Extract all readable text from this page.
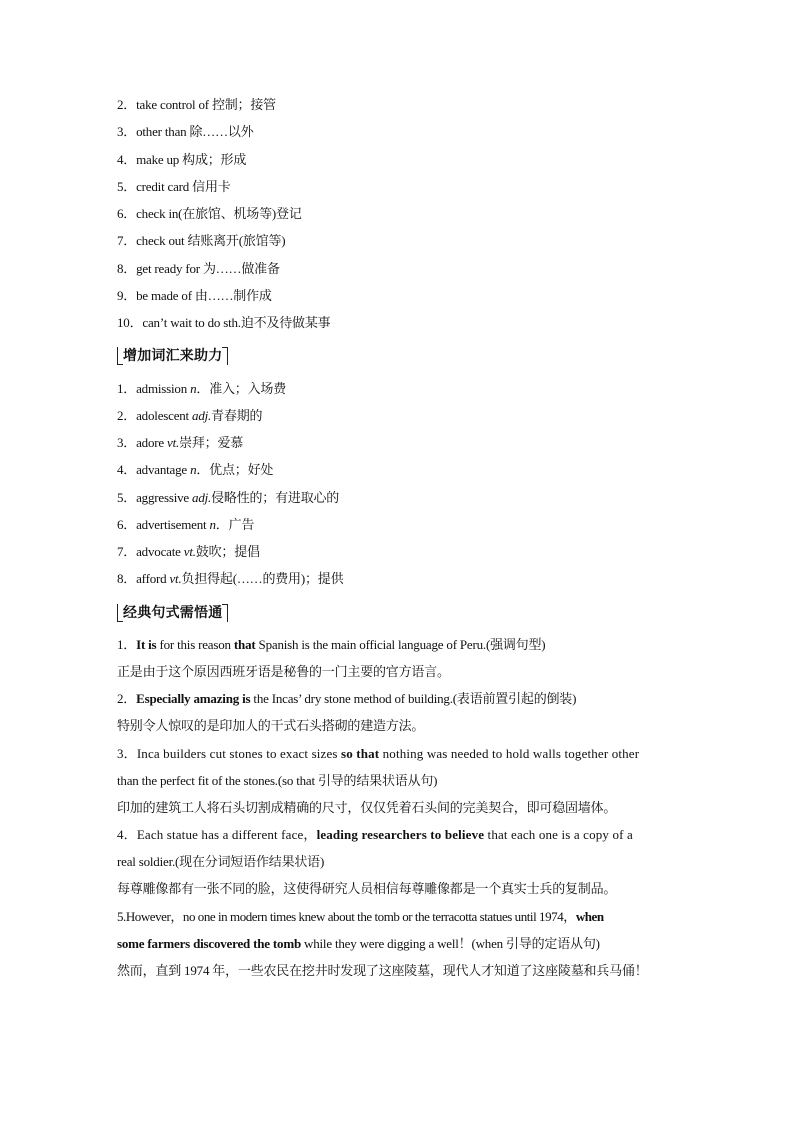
2．take control of 控制；接管
3．other than 除……以外
4．make up 构成；形成
5．credit card 信用卡
6．check in(在旅馆、机场等)登记
7．check out 结账离开(旅馆等)
8．get ready for 为……做准备
9．be made of 由……制作成
10．can’t wait to do sth.迫不及待做某事
增加词汇来助力
1．admission n．准入；入场费
2．adolescent adj.青春期的
3．adore vt.崇拜；爱慕
4．advantage n．优点；好处
5．aggressive adj.侵略性的；有进取心的
6．advertisement n．广告
7．advocate vt.鼓吹；提倡
8．afford vt.负担得起(……的费用)；提供
经典句式需悟通
1．It is for this reason that Spanish is the main official language of Peru.(强调句型)
正是由于这个原因西班牙语是秘鲁的一门主要的官方语言。
2．Especially amazing is the Incas’ dry stone method of building.(表语前置引起的倒装)
特别令人惊叹的是印加人的干式石头搭砌的建造方法。
3．Inca builders cut stones to exact sizes so that nothing was needed to hold walls together other
than the perfect fit of the stones.(so that 引导的结果状语从句)
印加的建筑工人将石头切割成精确的尺寸，仅仅凭着石头间的完美契合，即可稳固墙体。
4．Each statue has a different face，leading researchers to believe that each one is a copy of a
real soldier.(现在分词短语作结果状语)
每尊雕像都有一张不同的脸，这使得研究人员相信每尊雕像都是一个真实士兵的复制品。
5.However，no one in modern times knew about the tomb or the terracotta statues until 1974，when
some farmers discovered the tomb while they were digging a well！(when 引导的定语从句)
然而，直到 1974 年，一些农民在挖井时发现了这座陵墓，现代人才知道了这座陵墓和兵马俑！
